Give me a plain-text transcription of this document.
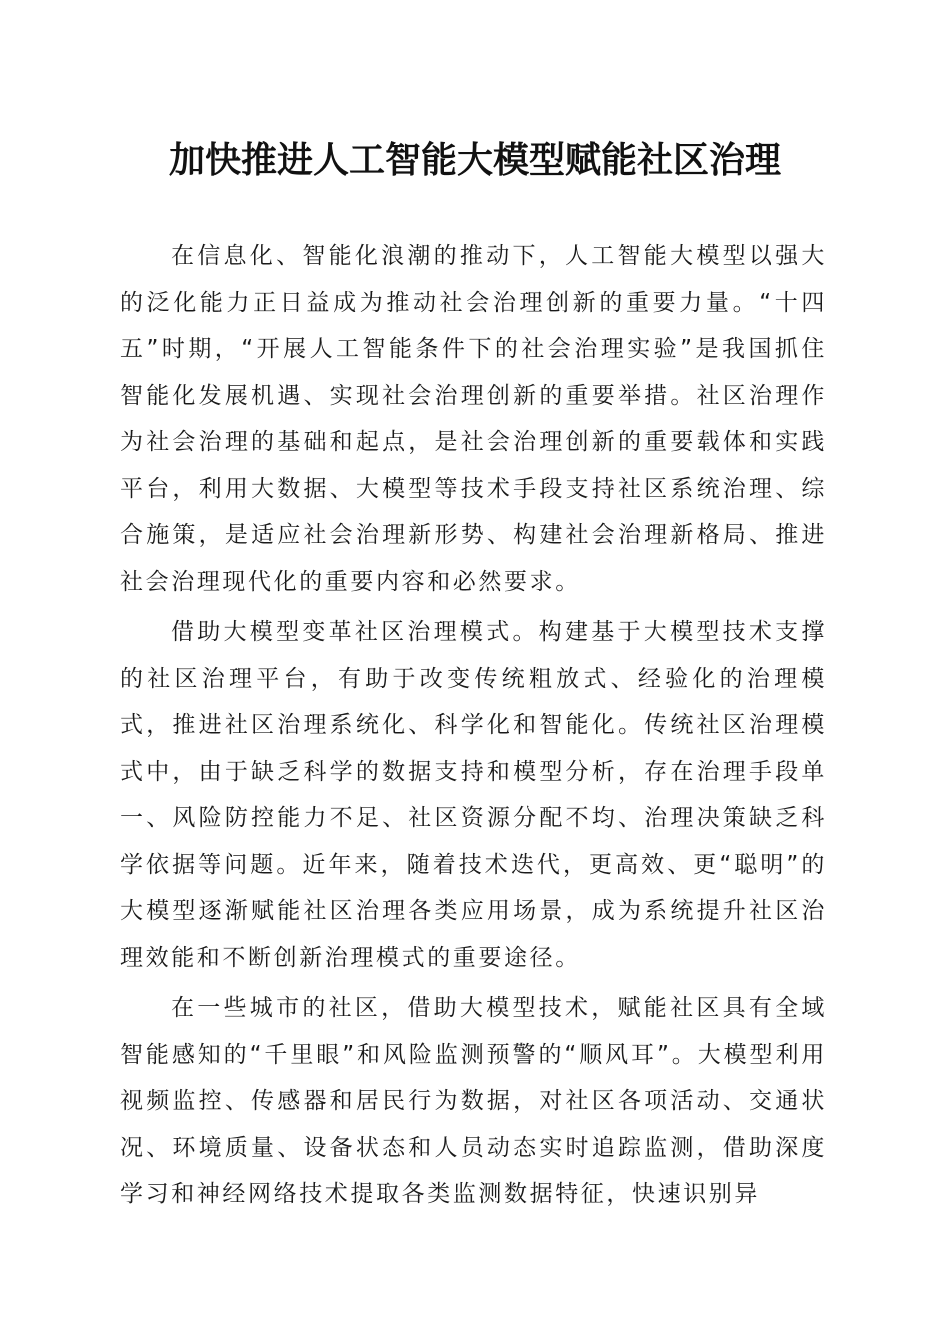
加快推进人工智能大模型赋能社区治理

在信息化、智能化浪潮的推动下，人工智能大模型以强大的泛化能力正日益成为推动社会治理创新的重要力量。“十四五”时期，“开展人工智能条件下的社会治理实验”是我国抓住智能化发展机遇、实现社会治理创新的重要举措。社区治理作为社会治理的基础和起点，是社会治理创新的重要载体和实践平台，利用大数据、大模型等技术手段支持社区系统治理、综合施策，是适应社会治理新形势、构建社会治理新格局、推进社会治理现代化的重要内容和必然要求。

借助大模型变革社区治理模式。构建基于大模型技术支撑的社区治理平台，有助于改变传统粗放式、经验化的治理模式，推进社区治理系统化、科学化和智能化。传统社区治理模式中，由于缺乏科学的数据支持和模型分析，存在治理手段单一、风险防控能力不足、社区资源分配不均、治理决策缺乏科学依据等问题。近年来，随着技术迭代，更高效、更“聪明”的大模型逐渐赋能社区治理各类应用场景，成为系统提升社区治理效能和不断创新治理模式的重要途径。

在一些城市的社区，借助大模型技术，赋能社区具有全域智能感知的“千里眼”和风险监测预警的“顺风耳”。大模型利用视频监控、传感器和居民行为数据，对社区各项活动、交通状况、环境质量、设备状态和人员动态实时追踪监测，借助深度学习和神经网络技术提取各类监测数据特征，快速识别异
